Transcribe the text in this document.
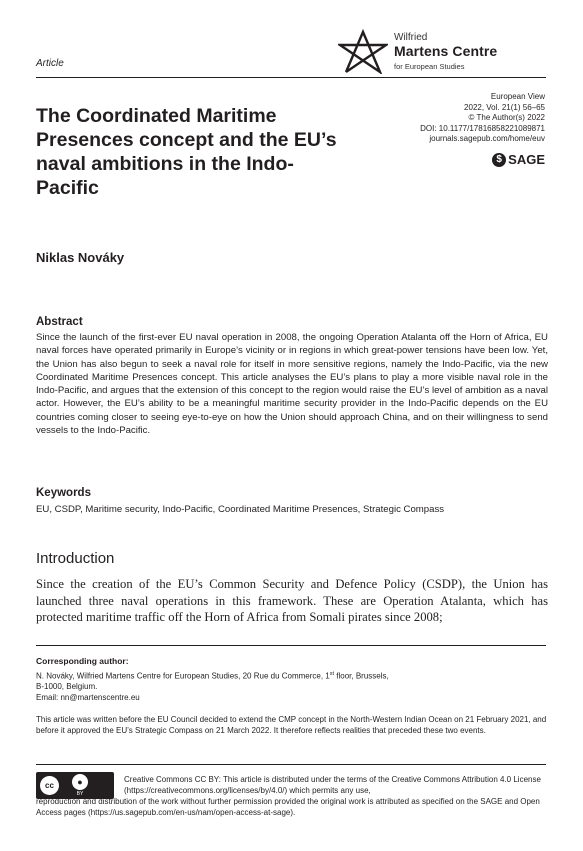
Article
Wilfried
Martens Centre
for European Studies
European View
2022, Vol. 21(1) 56–65
© The Author(s) 2022
DOI: 10.1177/17816858221089871
journals.sagepub.com/home/euv
$ SAGE
The Coordinated Maritime Presences concept and the EU’s naval ambitions in the Indo-Pacific
Niklas Nováky
Abstract
Since the launch of the first-ever EU naval operation in 2008, the ongoing Operation Atalanta off the Horn of Africa, EU naval forces have operated primarily in Europe’s vicinity or in regions in which great-power tensions have been low. Yet, the Union has also begun to seek a naval role for itself in more sensitive regions, namely the Indo-Pacific, via the new Coordinated Maritime Presences concept. This article analyses the EU’s plans to play a more visible naval role in the Indo-Pacific, and argues that the extension of this concept to the region would raise the EU’s level of ambition as a naval actor. However, the EU’s ability to be a meaningful maritime security provider in the Indo-Pacific depends on the EU countries coming closer to seeing eye-to-eye on how the Union should approach China, and on their willingness to send vessels to the Indo-Pacific.
Keywords
EU, CSDP, Maritime security, Indo-Pacific, Coordinated Maritime Presences, Strategic Compass
Introduction
Since the creation of the EU’s Common Security and Defence Policy (CSDP), the Union has launched three naval operations in this framework. These are Operation Atalanta, which has protected maritime traffic off the Horn of Africa from Somali pirates since 2008;
Corresponding author:
N. Nováky, Wilfried Martens Centre for European Studies, 20 Rue du Commerce, 1st floor, Brussels,
B-1000, Belgium.
Email: nn@martenscentre.eu
This article was written before the EU Council decided to extend the CMP concept in the North-Western Indian Ocean on 21 February 2021, and before it approved the EU’s Strategic Compass on 21 March 2022. It therefore reflects realities that preceded these two events.
cc	●
BY
Creative Commons CC BY: This article is distributed under the terms of the Creative Commons Attribution 4.0 License (https://creativecommons.org/licenses/by/4.0/) which permits any use,
reproduction and distribution of the work without further permission provided the original work is attributed as specified on the SAGE and Open Access pages (https://us.sagepub.com/en-us/nam/open-access-at-sage).
